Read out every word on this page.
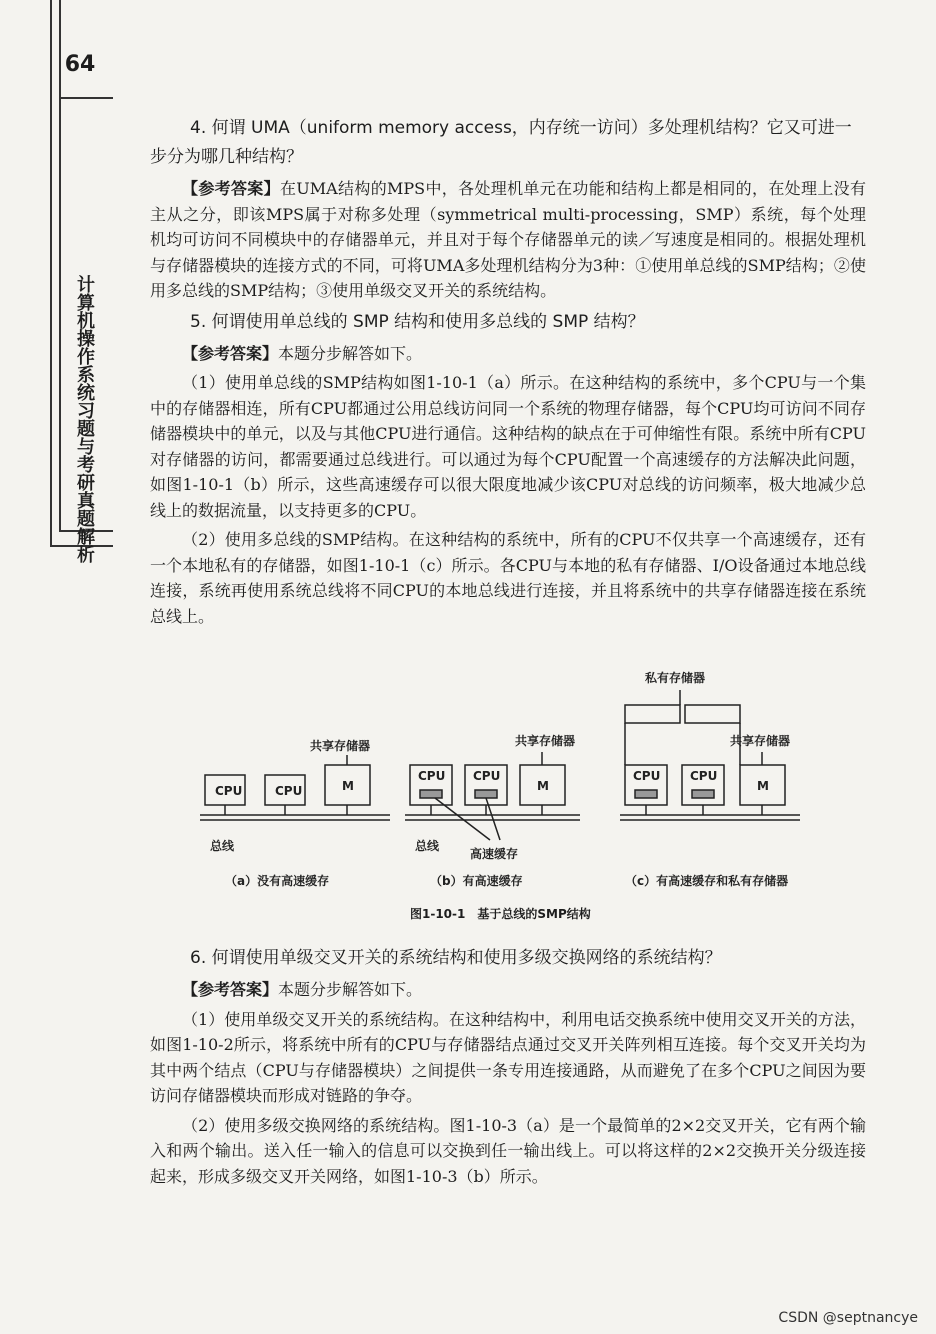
64
计算机操作系统习题与考研真题解析

4. 何谓 UMA（uniform memory access，内存统一访问）多处理机结构？它又可进一步分为哪几种结构？

【参考答案】在UMA结构的MPS中，各处理机单元在功能和结构上都是相同的，在处理上没有主从之分，即该MPS属于对称多处理（symmetrical multi-processing，SMP）系统，每个处理机均可访问不同模块中的存储器单元，并且对于每个存储器单元的读／写速度是相同的。根据处理机与存储器模块的连接方式的不同，可将UMA多处理机结构分为3种：①使用单总线的SMP结构；②使用多总线的SMP结构；③使用单级交叉开关的系统结构。

5. 何谓使用单总线的 SMP 结构和使用多总线的 SMP 结构？

【参考答案】本题分步解答如下。

（1）使用单总线的SMP结构如图1-10-1（a）所示。在这种结构的系统中，多个CPU与一个集中的存储器相连，所有CPU都通过公用总线访问同一个系统的物理存储器，每个CPU均可访问不同存储器模块中的单元，以及与其他CPU进行通信。这种结构的缺点在于可伸缩性有限。系统中所有CPU对存储器的访问，都需要通过总线进行。可以通过为每个CPU配置一个高速缓存的方法解决此问题，如图1-10-1（b）所示，这些高速缓存可以很大限度地减少该CPU对总线的访问频率，极大地减少总线上的数据流量，以支持更多的CPU。

（2）使用多总线的SMP结构。在这种结构的系统中，所有的CPU不仅共享一个高速缓存，还有一个本地私有的存储器，如图1-10-1（c）所示。各CPU与本地的私有存储器、I/O设备通过本地总线连接，系统再使用系统总线将不同CPU的本地总线进行连接，并且将系统中的共享存储器连接在系统总线上。

CPU	CPU	M
共享存储器
总线
CPU CPU
M
共享存储器
总线
高速缓存
私有存储器
CPU CPU
M
共享存储器
（a）没有高速缓存	（b）有高速缓存	（c）有高速缓存和私有存储器
图1-10-1　基于总线的SMP结构

6. 何谓使用单级交叉开关的系统结构和使用多级交换网络的系统结构？

【参考答案】本题分步解答如下。

（1）使用单级交叉开关的系统结构。在这种结构中，利用电话交换系统中使用交叉开关的方法，如图1-10-2所示，将系统中所有的CPU与存储器结点通过交叉开关阵列相互连接。每个交叉开关均为其中两个结点（CPU与存储器模块）之间提供一条专用连接通路，从而避免了在多个CPU之间因为要访问存储器模块而形成对链路的争夺。

（2）使用多级交换网络的系统结构。图1-10-3（a）是一个最简单的2×2交叉开关，它有两个输入和两个输出。送入任一输入的信息可以交换到任一输出线上。可以将这样的2×2交换开关分级连接起来，形成多级交叉开关网络，如图1-10-3（b）所示。

CSDN @septnancye
